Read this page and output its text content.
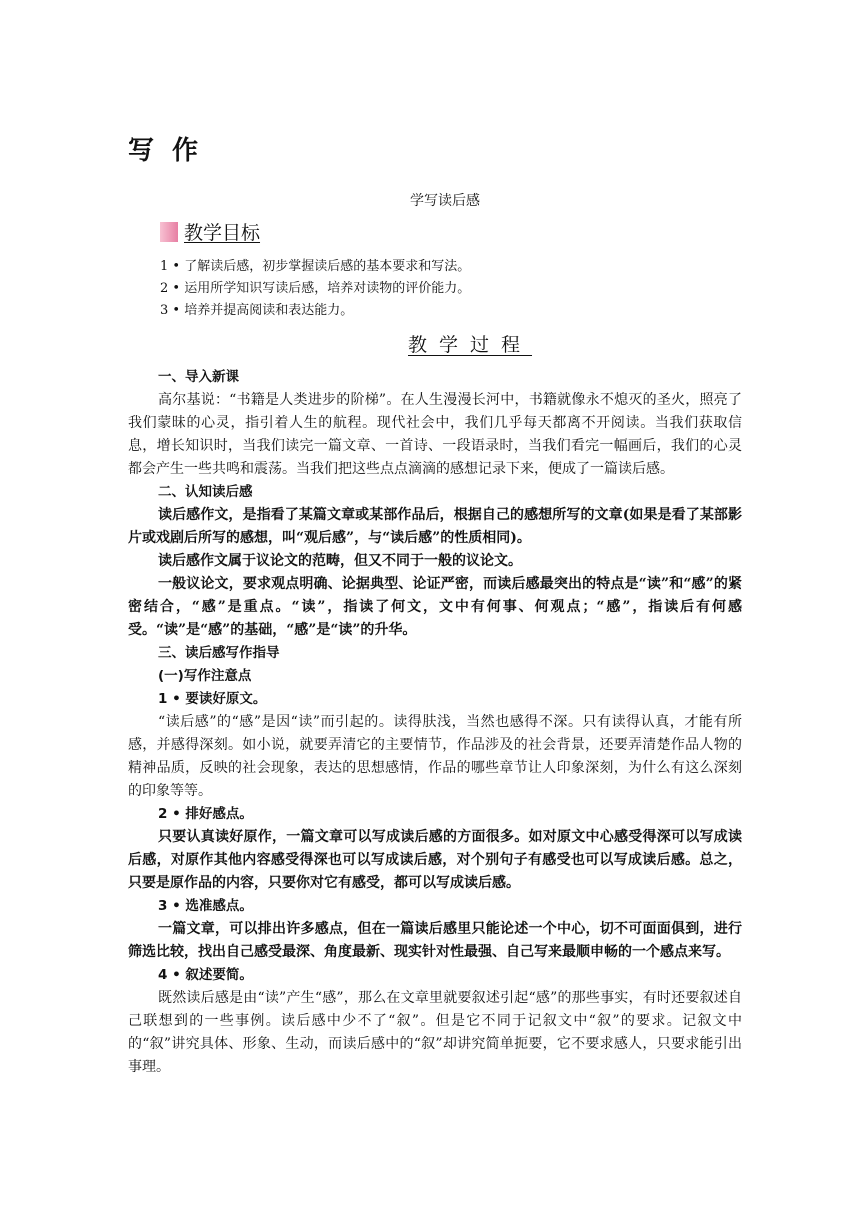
写作
学写读后感
教学目标
1 • 了解读后感，初步掌握读后感的基本要求和写法。
2 • 运用所学知识写读后感，培养对读物的评价能力。
3 • 培养并提高阅读和表达能力。
教学过程

一、导入新课

高尔基说：“书籍是人类进步的阶梯”。在人生漫漫长河中，书籍就像永不熄灭的圣火，照亮了我们蒙昧的心灵，指引着人生的航程。现代社会中，我们几乎每天都离不开阅读。当我们获取信息，增长知识时，当我们读完一篇文章、一首诗、一段语录时，当我们看完一幅画后，我们的心灵都会产生一些共鸣和震荡。当我们把这些点点滴滴的感想记录下来，便成了一篇读后感。

二、认知读后感

读后感作文，是指看了某篇文章或某部作品后，根据自己的感想所写的文章(如果是看了某部影片或戏剧后所写的感想，叫“观后感”，与“读后感”的性质相同)。

读后感作文属于议论文的范畴，但又不同于一般的议论文。

一般议论文，要求观点明确、论据典型、论证严密，而读后感最突出的特点是“读”和“感”的紧密结合，“感”是重点。“读”，指读了何文，文中有何事、何观点；“感”，指读后有何感受。“读”是“感”的基础，“感”是“读”的升华。

三、读后感写作指导

(一)写作注意点

1 • 要读好原文。

“读后感”的“感”是因“读”而引起的。读得肤浅，当然也感得不深。只有读得认真，才能有所感，并感得深刻。如小说，就要弄清它的主要情节，作品涉及的社会背景，还要弄清楚作品人物的精神品质，反映的社会现象，表达的思想感情，作品的哪些章节让人印象深刻，为什么有这么深刻的印象等等。

2 • 排好感点。

只要认真读好原作，一篇文章可以写成读后感的方面很多。如对原文中心感受得深可以写成读后感，对原作其他内容感受得深也可以写成读后感，对个别句子有感受也可以写成读后感。总之，只要是原作品的内容，只要你对它有感受，都可以写成读后感。

3 • 选准感点。

一篇文章，可以排出许多感点，但在一篇读后感里只能论述一个中心，切不可面面俱到，进行筛选比较，找出自己感受最深、角度最新、现实针对性最强、自己写来最顺申畅的一个感点来写。

4 • 叙述要简。

既然读后感是由“读”产生“感”，那么在文章里就要叙述引起“感”的那些事实，有时还要叙述自己联想到的一些事例。读后感中少不了“叙”。但是它不同于记叙文中“叙”的要求。记叙文中的“叙”讲究具体、形象、生动，而读后感中的“叙”却讲究简单扼要，它不要求感人，只要求能引出事理。
